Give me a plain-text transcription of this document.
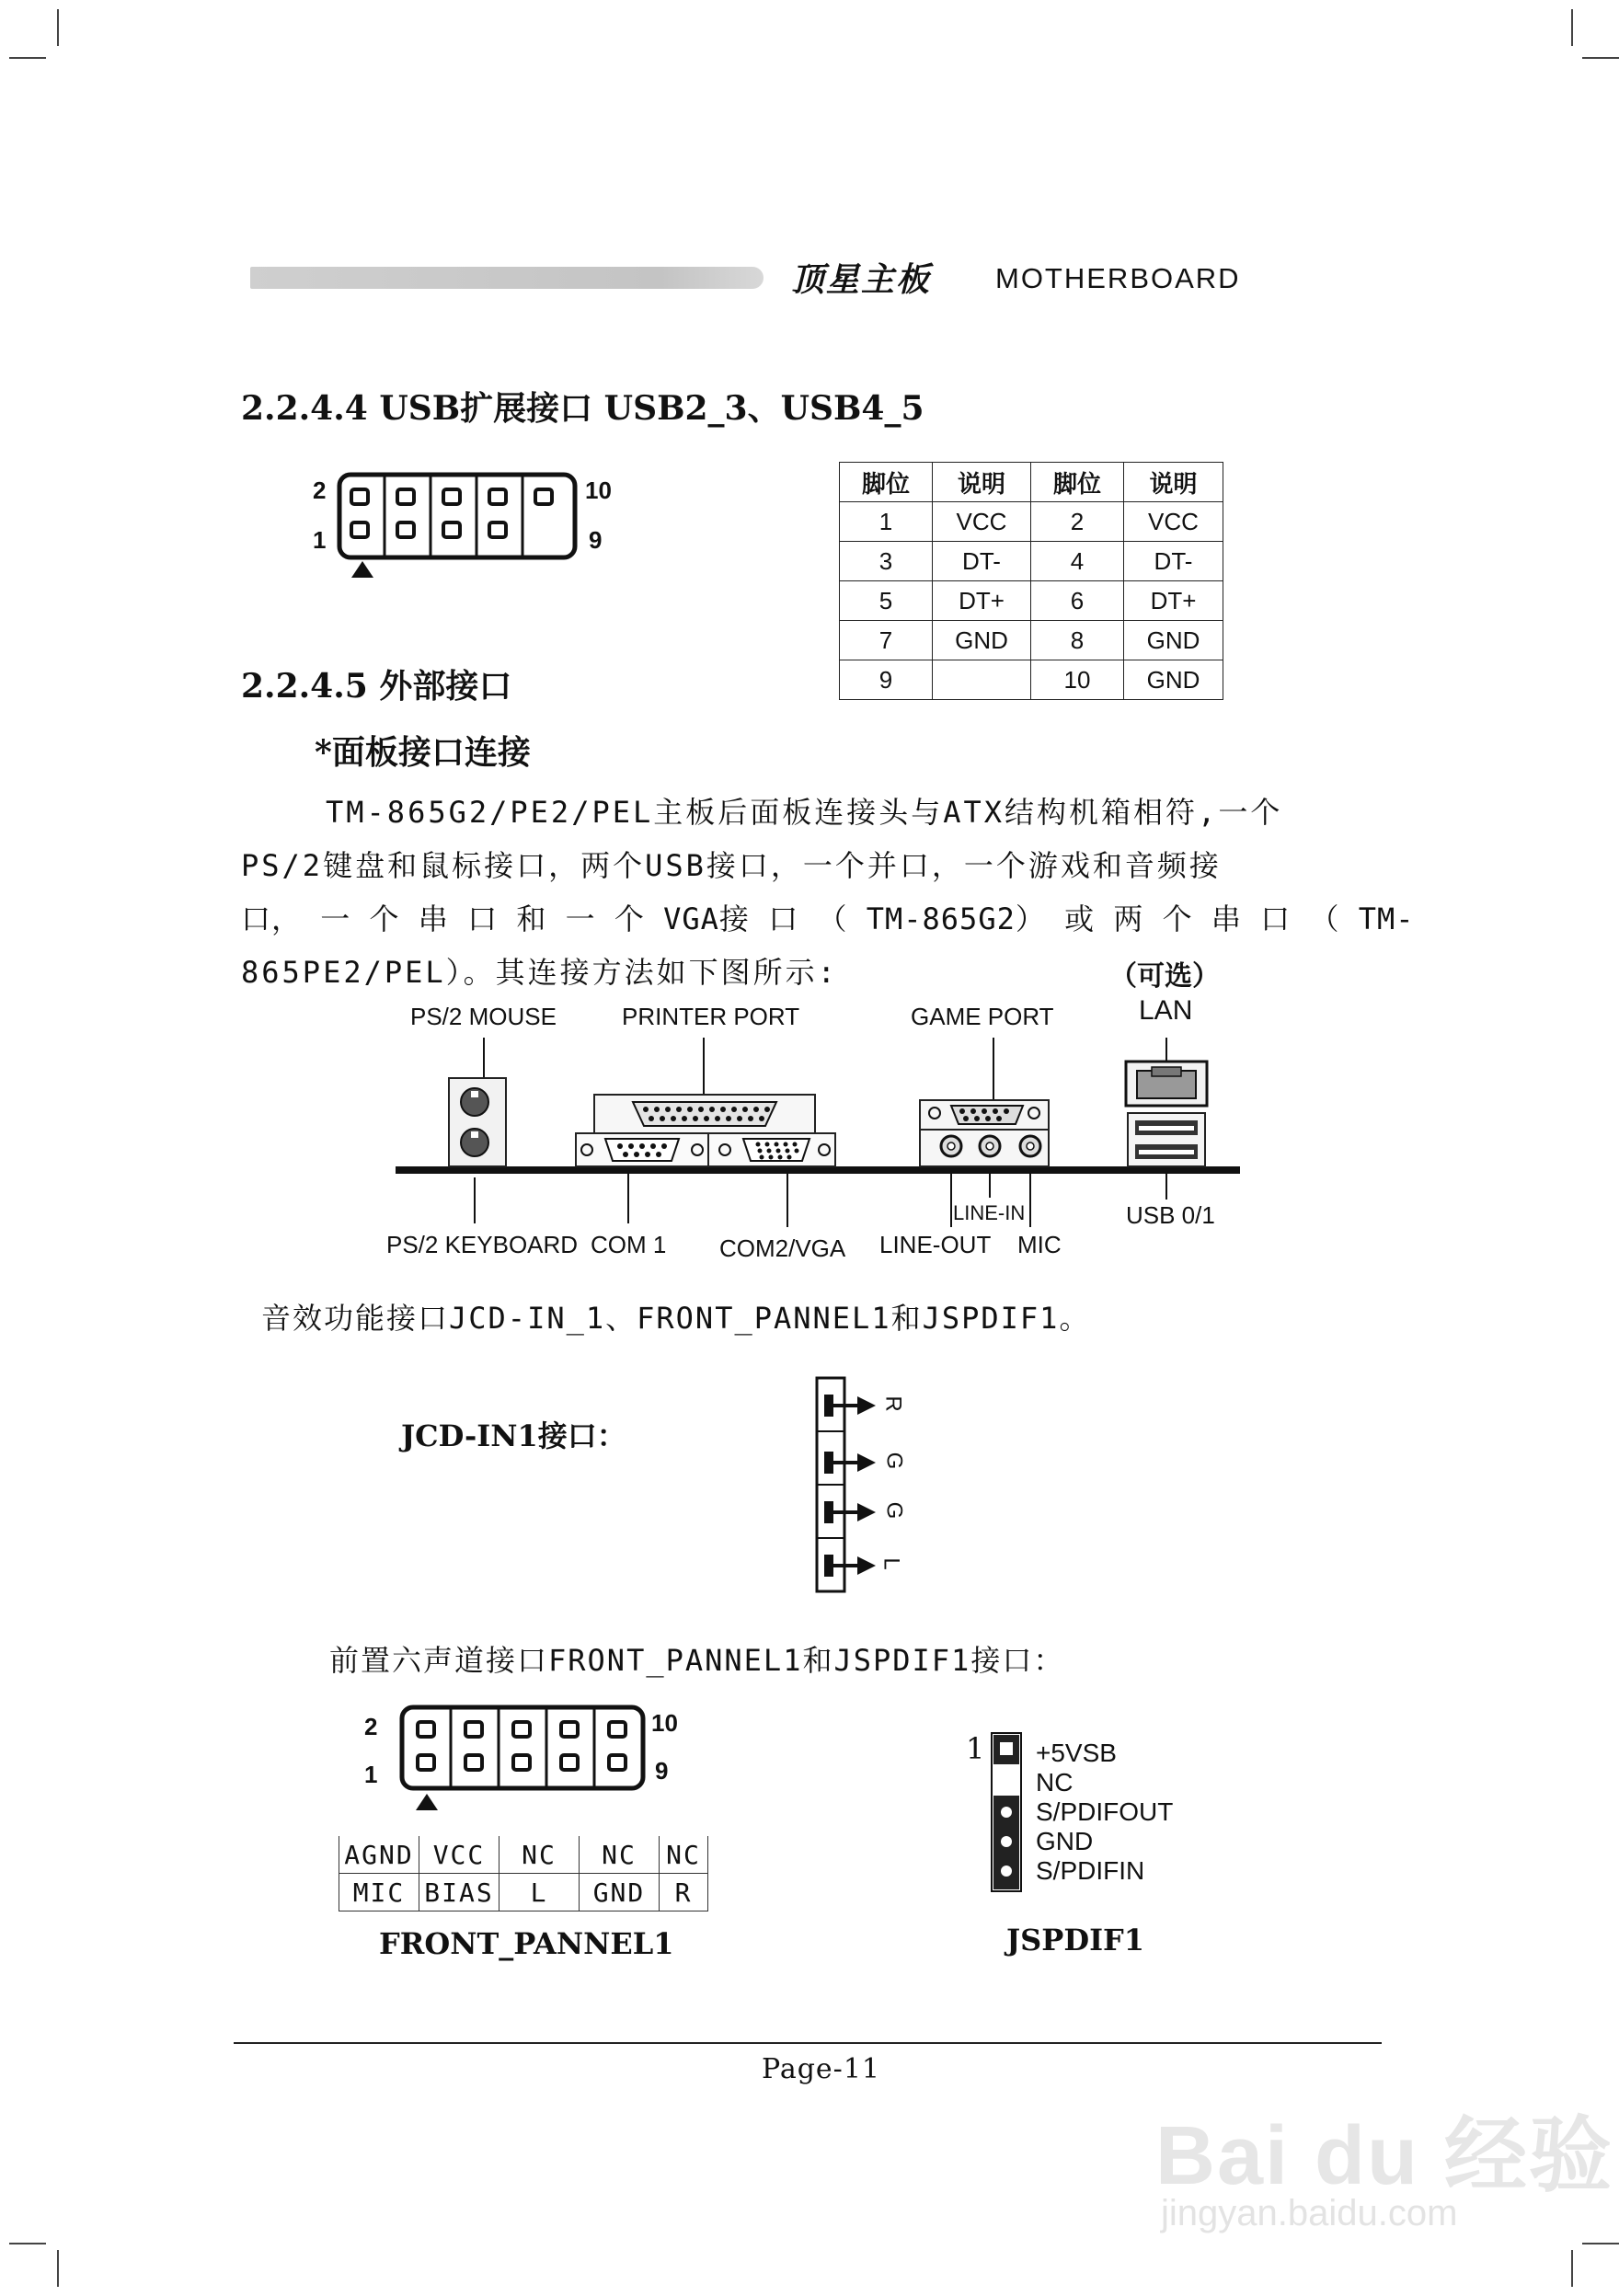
顶星主板 MOTHERBOARD
2.2.4.4 USB扩展接口 USB2_3、USB4_5
2
1
10
9
脚位	说明	脚位	说明
1	VCC	2	VCC
3	DT-	4	DT-
5	DT+	6	DT+
7	GND	8	GND
9		10	GND
2.2.4.5 外部接口
*面板接口连接
TM-865G2/PE2/PEL主板后面板连接头与ATX结构机箱相符,一个
PS/2键盘和鼠标接口，两个USB接口，一个并口，一个游戏和音频接
口， 一 个 串 口 和 一 个 VGA接 口 （ TM-865G2） 或 两 个 串 口 （ TM-
865PE2/PEL）。其连接方法如下图所示:	（可选）
PS/2 MOUSE	PRINTER PORT	GAME PORT	LAN
PS/2 KEYBOARD COM 1 COM2/VGA
LINE-IN
LINE-OUT MIC
USB 0/1
音效功能接口JCD-IN_1、FRONT_PANNEL1和JSPDIF1。
JCD-IN1接口：
R
G
G
L
前置六声道接口FRONT_PANNEL1和JSPDIF1接口：
2
1
10
9
AGND	VCC	NC	NC	NC
MIC	BIAS	L	GND	R
FRONT_PANNEL1
1 +5VSB
NC
S/PDIFOUT
GND
S/PDIFIN
JSPDIF1
Page-11
Bai du 经验
jingyan.baidu.com
